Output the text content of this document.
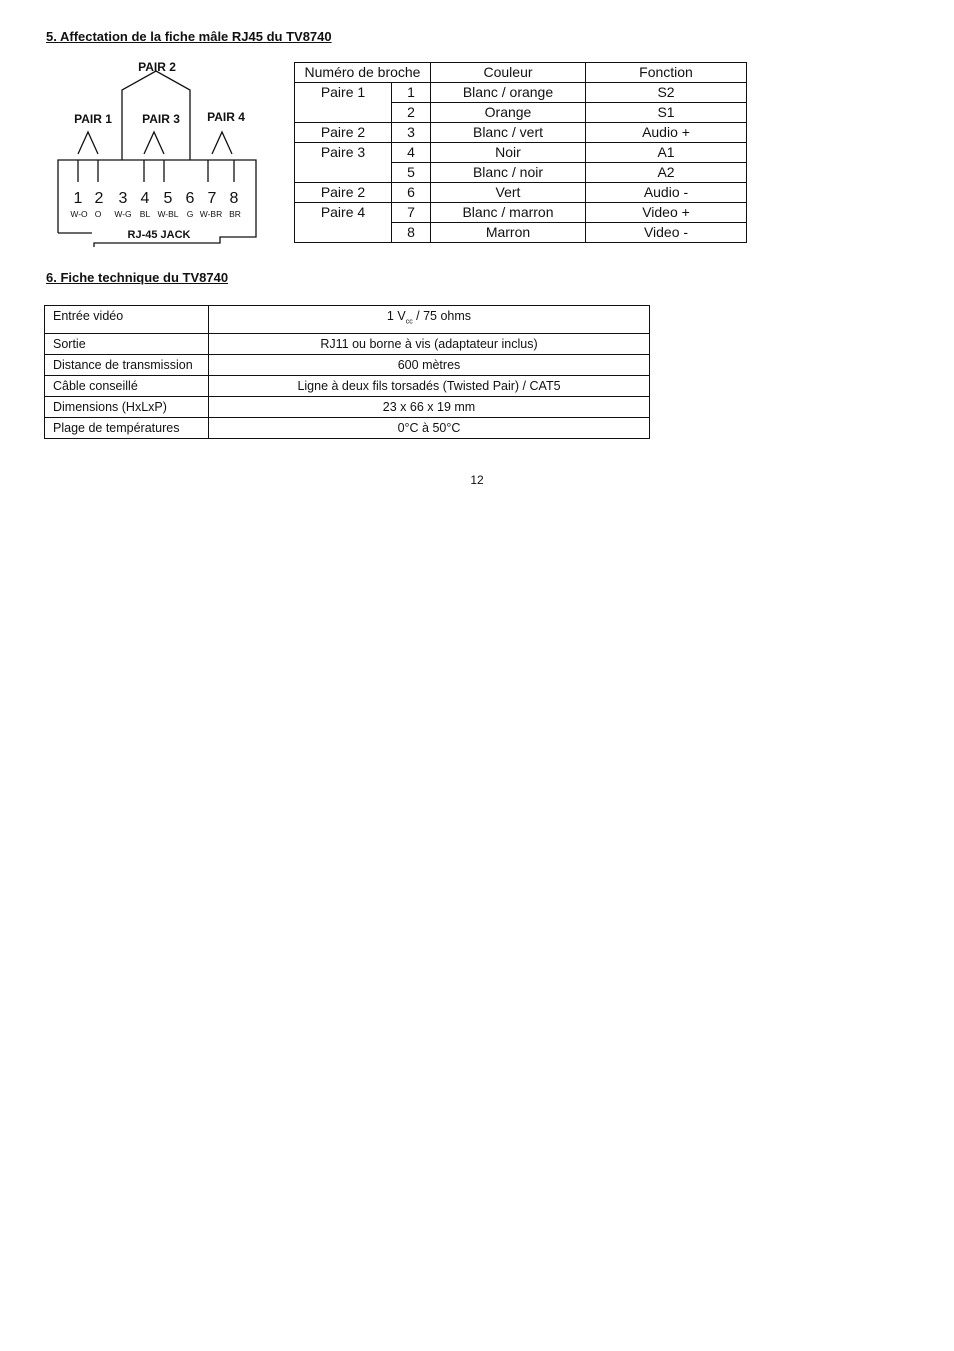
5. Affectation de la fiche mâle RJ45 du TV8740
PAIR 1
PAIR 2
PAIR 3 PAIR 4
1 2 3 4 5 6 7 8
W-O O W-G BL W-BL G W-BR BR
RJ-45 JACK
Numéro de broche		Couleur	Fonction
Paire 1	1	Blanc / orange	S2
	2	Orange	S1
Paire 2	3	Blanc / vert	Audio +
Paire 3	4	Noir	A1
	5	Blanc / noir	A2
Paire 2	6	Vert	Audio -
Paire 4	7	Blanc / marron	Video +
	8	Marron	Video -
6. Fiche technique du TV8740
Entrée vidéo	1 $V_{cc} / 75$ ohms
Sortie	RJ11 ou borne à vis (adaptateur inclus)
Distance de transmission	600 mètres
Câble conseillé	Ligne à deux fils torsadés (Twisted Pair) / CAT5
Dimensions (HxLxP)	23 x 66 x 19 mm
Plage de températures	0°C à 50°C
12
